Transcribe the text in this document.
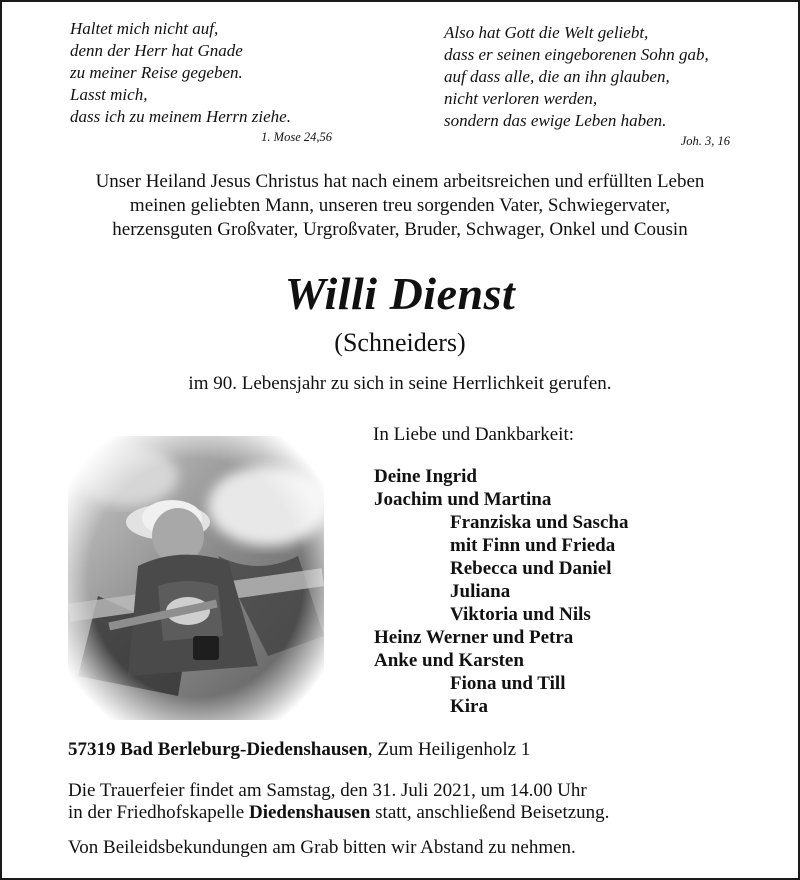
Haltet mich nicht auf,
denn der Herr hat Gnade
zu meiner Reise gegeben.
Lasst mich,
dass ich zu meinem Herrn ziehe.
1. Mose 24,56
Also hat Gott die Welt geliebt,
dass er seinen eingeborenen Sohn gab,
auf dass alle, die an ihn glauben,
nicht verloren werden,
sondern das ewige Leben haben.
Joh. 3, 16
Unser Heiland Jesus Christus hat nach einem arbeitsreichen und erfüllten Leben
meinen geliebten Mann, unseren treu sorgenden Vater, Schwiegervater,
herzensguten Großvater, Urgroßvater, Bruder, Schwager, Onkel und Cousin
Willi Dienst
(Schneiders)
im 90. Lebensjahr zu sich in seine Herrlichkeit gerufen.
In Liebe und Dankbarkeit:
Deine Ingrid
Joachim und Martina
Franziska und Sascha
mit Finn und Frieda
Rebecca und Daniel
Juliana
Viktoria und Nils
Heinz Werner und Petra
Anke und Karsten
Fiona und Till
Kira
57319 Bad Berleburg-Diedenshausen, Zum Heiligenholz 1
Die Trauerfeier findet am Samstag, den 31. Juli 2021, um 14.00 Uhr
in der Friedhofskapelle Diedenshausen statt, anschließend Beisetzung.
Von Beileidsbekundungen am Grab bitten wir Abstand zu nehmen.
